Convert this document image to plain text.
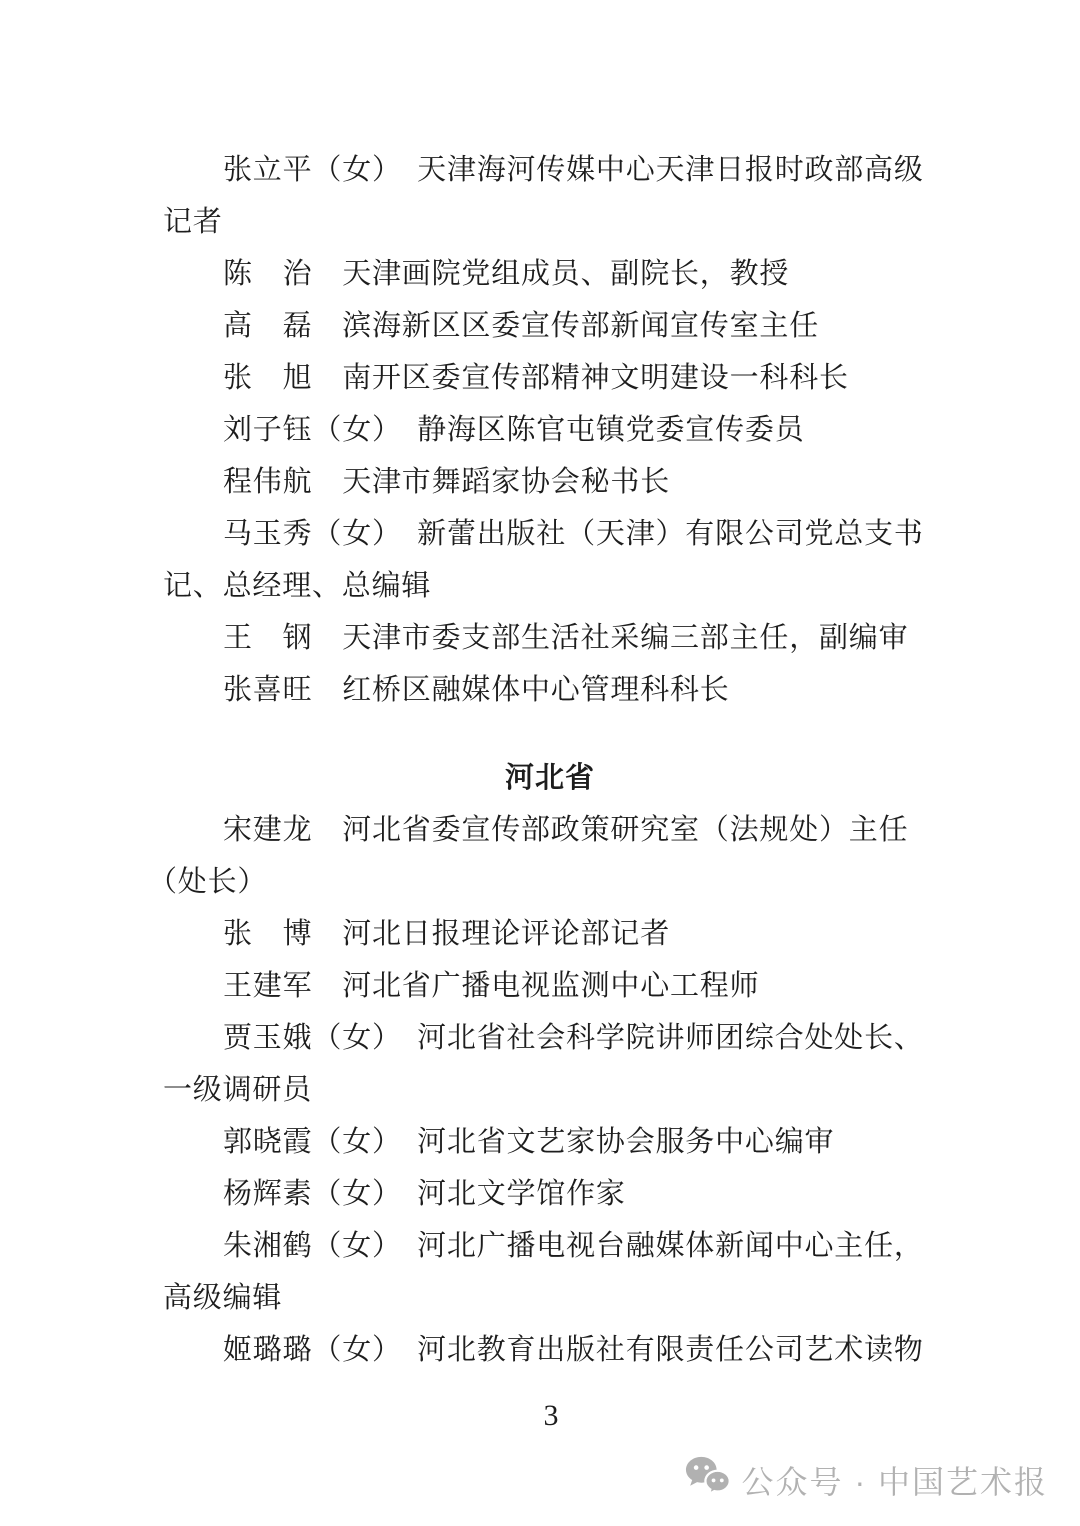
张立平（女）　天津海河传媒中心天津日报时政部高级
记者
陈　治　天津画院党组成员、副院长，教授
高　磊　滨海新区区委宣传部新闻宣传室主任
张　旭　南开区委宣传部精神文明建设一科科长
刘子钰（女）　静海区陈官屯镇党委宣传委员
程伟航　天津市舞蹈家协会秘书长
马玉秀（女）　新蕾出版社（天津）有限公司党总支书
记、总经理、总编辑
王　钢　天津市委支部生活社采编三部主任，副编审
张喜旺　红桥区融媒体中心管理科科长
河北省
宋建龙　河北省委宣传部政策研究室（法规处）主任
（处长）
张　博　河北日报理论评论部记者
王建军　河北省广播电视监测中心工程师
贾玉娥（女）　河北省社会科学院讲师团综合处处长、
一级调研员
郭晓霞（女）　河北省文艺家协会服务中心编审
杨辉素（女）　河北文学馆作家
朱湘鹤（女）　河北广播电视台融媒体新闻中心主任，
高级编辑
姬璐璐（女）　河北教育出版社有限责任公司艺术读物
3
公众号 · 中国艺术报
